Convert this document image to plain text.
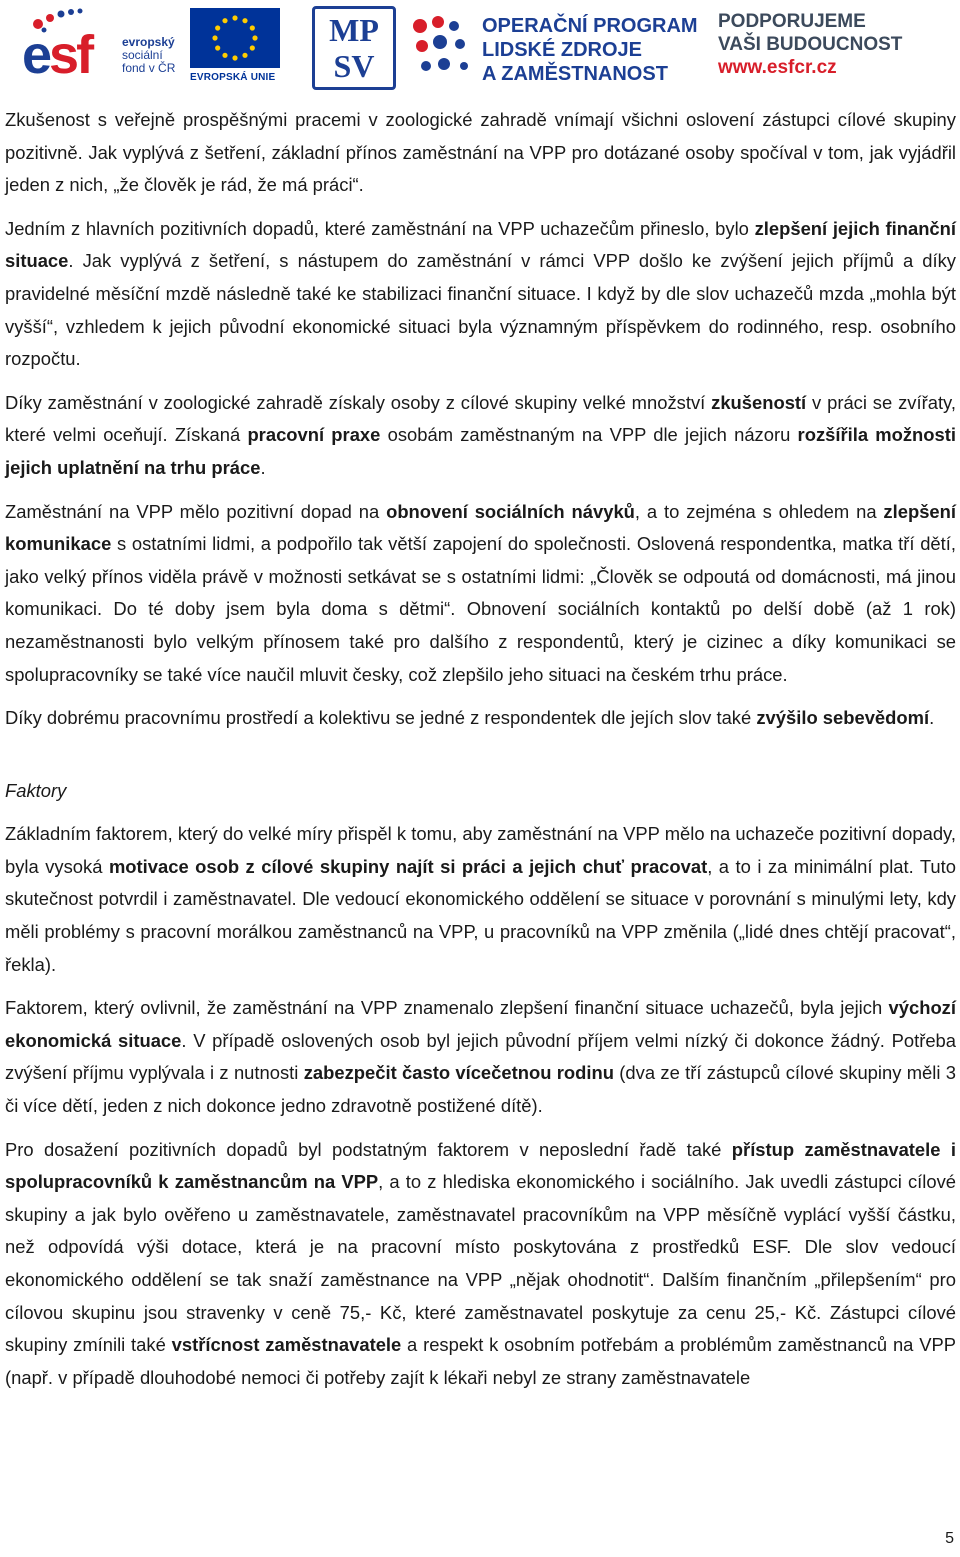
esf	evropský
sociální
fond v ČR
EVROPSKÁ UNIE
MP
SV
OPERAČNÍ PROGRAM
LIDSKÉ ZDROJE
A ZAMĚSTNANOST
PODPORUJEME
VAŠI BUDOUCNOST
www.esfcr.cz

Zkušenost s veřejně prospěšnými pracemi v zoologické zahradě vnímají všichni oslovení zástupci cílové skupiny pozitivně. Jak vyplývá z šetření, základní přínos zaměstnání na VPP pro dotázané osoby spočíval v tom, jak vyjádřil jeden z nich, „že člověk je rád, že má práci“.

Jedním z hlavních pozitivních dopadů, které zaměstnání na VPP uchazečům přineslo, bylo zlepšení jejich finanční situace. Jak vyplývá z šetření, s nástupem do zaměstnání v rámci VPP došlo ke zvýšení jejich příjmů a díky pravidelné měsíční mzdě následně také ke stabilizaci finanční situace. I když by dle slov uchazečů mzda „mohla být vyšší“, vzhledem k jejich původní ekonomické situaci byla významným příspěvkem do rodinného, resp. osobního rozpočtu.

Díky zaměstnání v zoologické zahradě získaly osoby z cílové skupiny velké množství zkušeností v práci se zvířaty, které velmi oceňují. Získaná pracovní praxe osobám zaměstnaným na VPP dle jejich názoru rozšířila možnosti jejich uplatnění na trhu práce.

Zaměstnání na VPP mělo pozitivní dopad na obnovení sociálních návyků, a to zejména s ohledem na zlepšení komunikace s ostatními lidmi, a podpořilo tak větší zapojení do společnosti. Oslovená respondentka, matka tří dětí, jako velký přínos viděla právě v možnosti setkávat se s ostatními lidmi: „Člověk se odpoutá od domácnosti, má jinou komunikaci. Do té doby jsem byla doma s dětmi“. Obnovení sociálních kontaktů po delší době (až 1 rok) nezaměstnanosti bylo velkým přínosem také pro dalšího z respondentů, který je cizinec a díky komunikaci se spolupracovníky se také více naučil mluvit česky, což zlepšilo jeho situaci na českém trhu práce.

Díky dobrému pracovnímu prostředí a kolektivu se jedné z respondentek dle jejích slov také zvýšilo sebevědomí.

Faktory

Základním faktorem, který do velké míry přispěl k tomu, aby zaměstnání na VPP mělo na uchazeče pozitivní dopady, byla vysoká motivace osob z cílové skupiny najít si práci a jejich chuť pracovat, a to i za minimální plat. Tuto skutečnost potvrdil i zaměstnavatel. Dle vedoucí ekonomického oddělení se situace v porovnání s minulými lety, kdy měli problémy s pracovní morálkou zaměstnanců na VPP, u pracovníků na VPP změnila („lidé dnes chtějí pracovat“, řekla).

Faktorem, který ovlivnil, že zaměstnání na VPP znamenalo zlepšení finanční situace uchazečů, byla jejich výchozí ekonomická situace. V případě oslovených osob byl jejich původní příjem velmi nízký či dokonce žádný. Potřeba zvýšení příjmu vyplývala i z nutnosti zabezpečit často vícečetnou rodinu (dva ze tří zástupců cílové skupiny měli 3 či více dětí, jeden z nich dokonce jedno zdravotně postižené dítě).

Pro dosažení pozitivních dopadů byl podstatným faktorem v neposlední řadě také přístup zaměstnavatele i spolupracovníků k zaměstnancům na VPP, a to z hlediska ekonomického i sociálního. Jak uvedli zástupci cílové skupiny a jak bylo ověřeno u zaměstnavatele, zaměstnavatel pracovníkům na VPP měsíčně vyplácí vyšší částku, než odpovídá výši dotace, která je na pracovní místo poskytována z prostředků ESF. Dle slov vedoucí ekonomického oddělení se tak snaží zaměstnance na VPP „nějak ohodnotit“. Dalším finančním „přilepšením“ pro cílovou skupinu jsou stravenky v ceně 75,- Kč, které zaměstnavatel poskytuje za cenu 25,- Kč. Zástupci cílové skupiny zmínili také vstřícnost zaměstnavatele a respekt k osobním potřebám a problémům zaměstnanců na VPP (např. v případě dlouhodobé nemoci či potřeby zajít k lékaři nebyl ze strany zaměstnavatele

5
